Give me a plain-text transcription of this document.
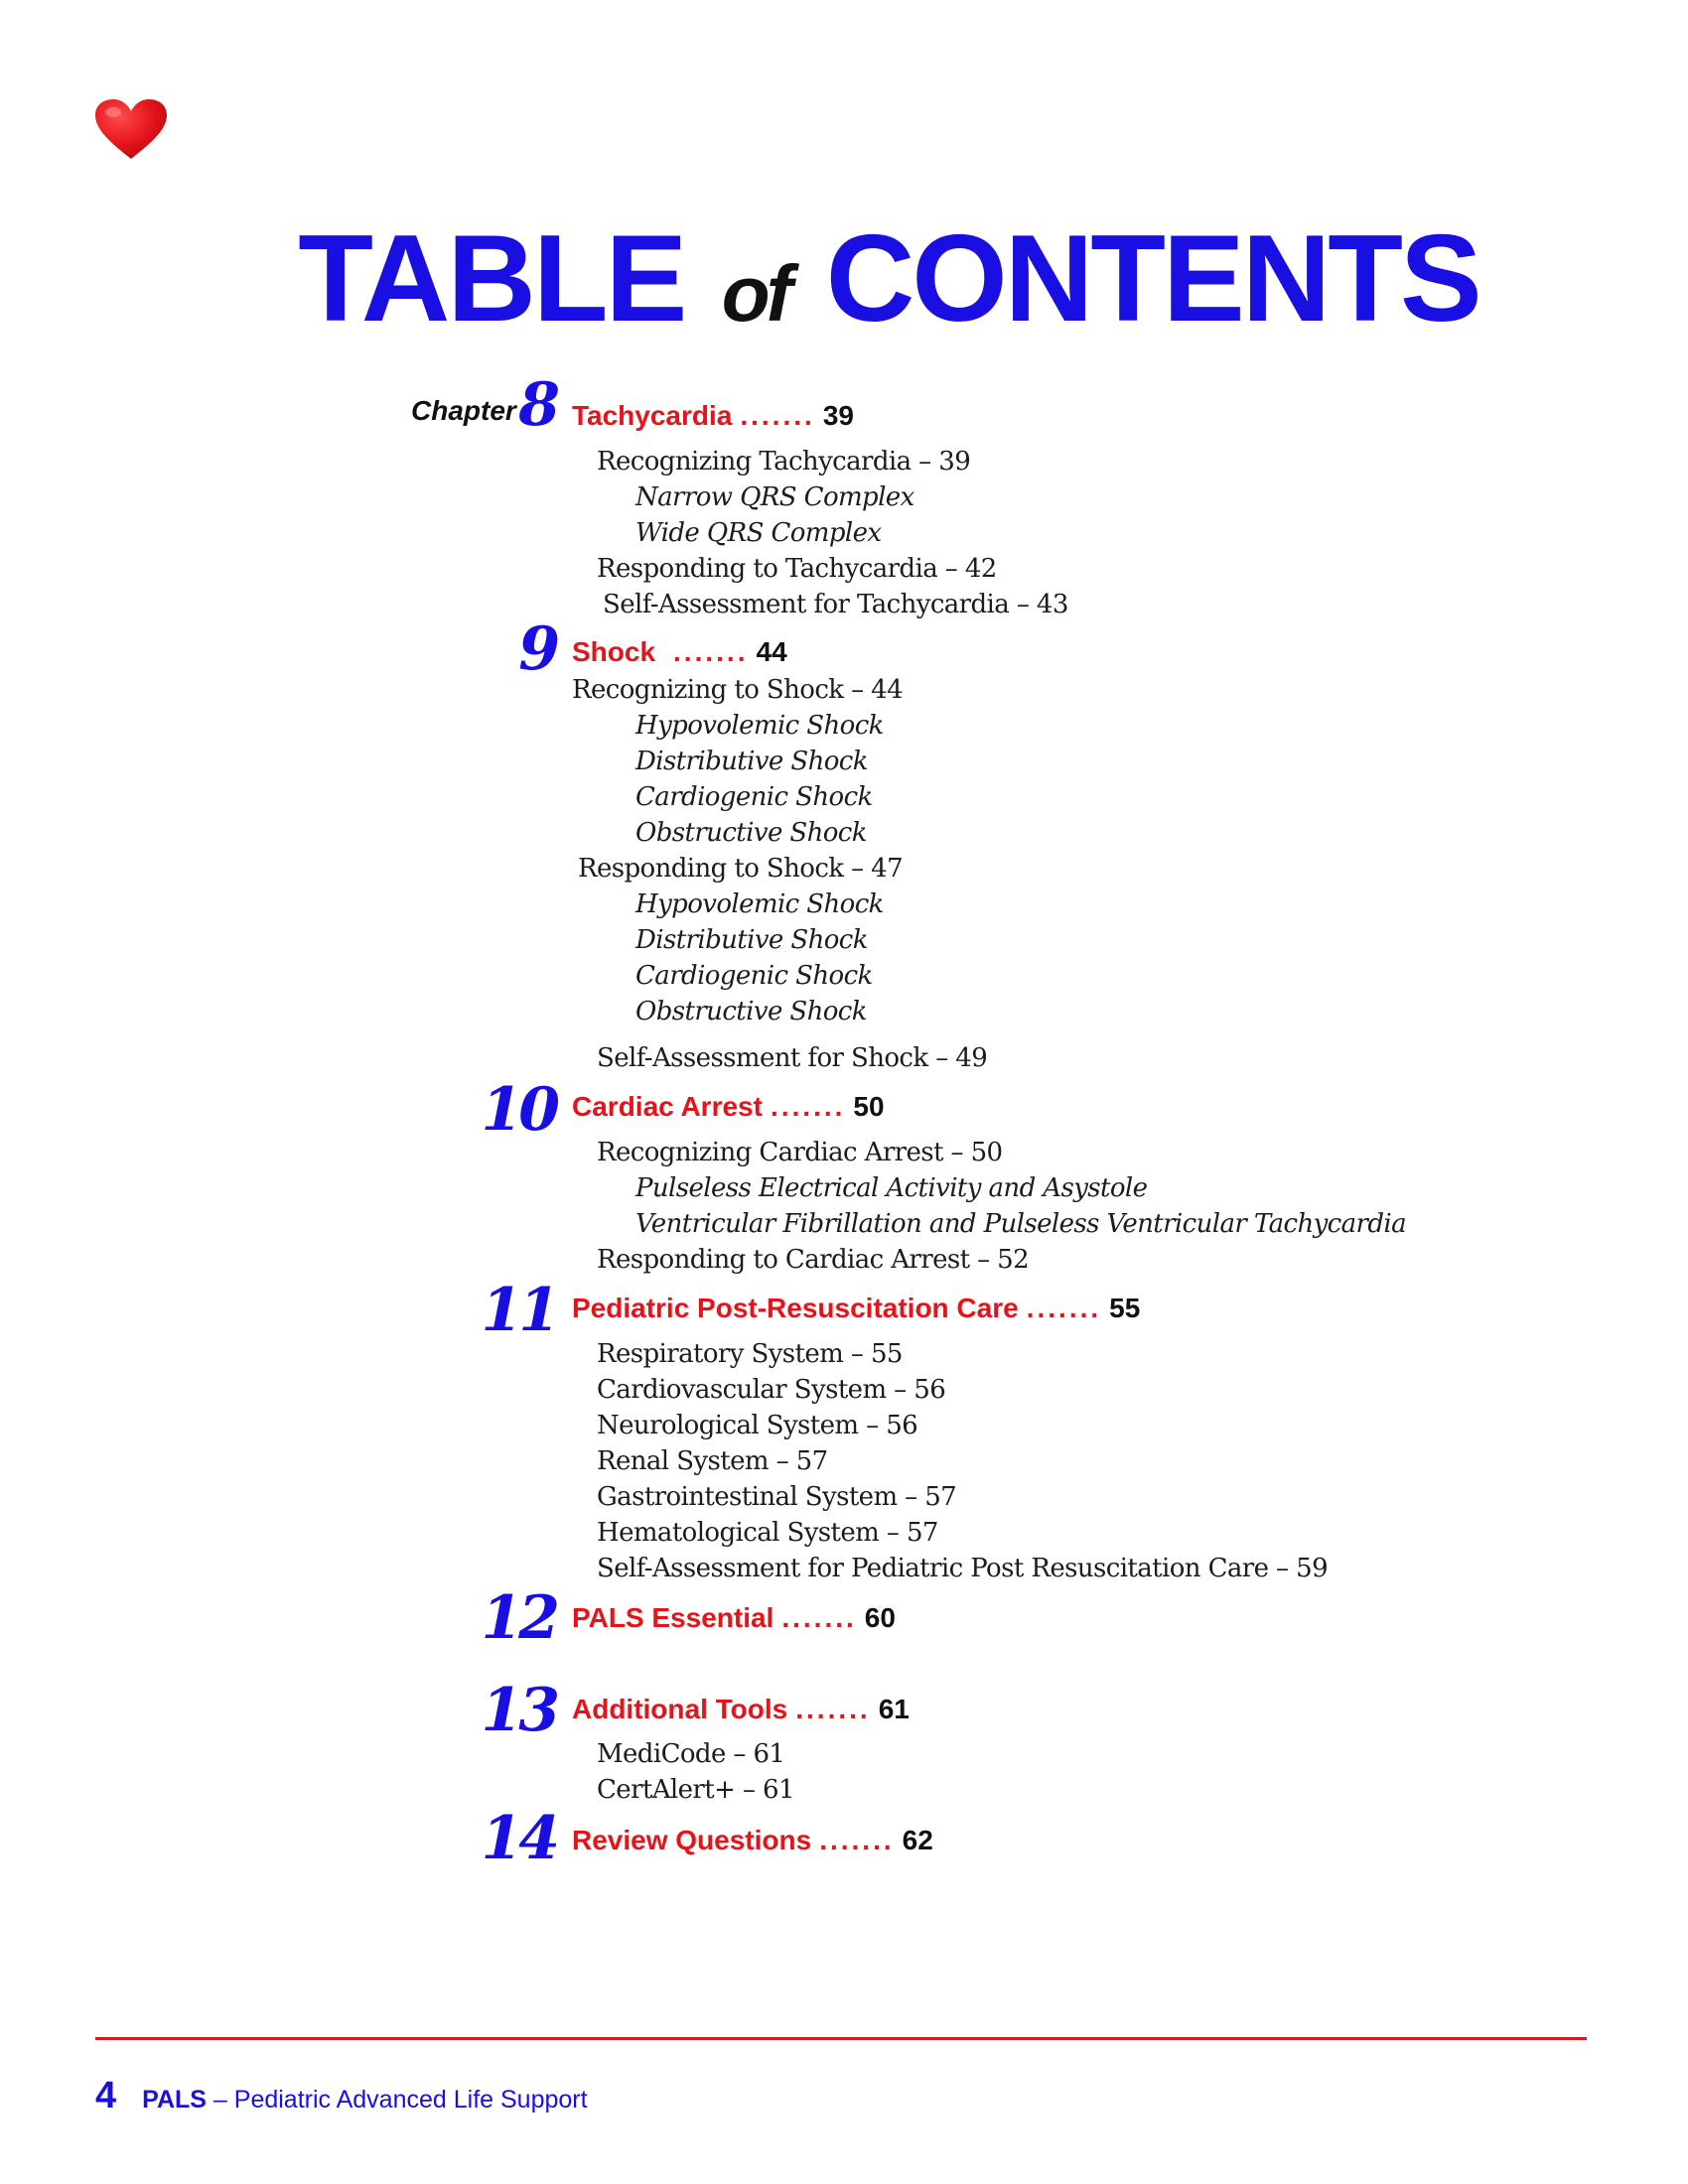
TABLE of CONTENTS
Chapter 8 Tachycardia ....... 39
Recognizing Tachycardia – 39
Narrow QRS Complex
Wide QRS Complex
Responding to Tachycardia – 42
Self-Assessment for Tachycardia – 43
9 Shock ....... 44
Recognizing to Shock – 44
Hypovolemic Shock
Distributive Shock
Cardiogenic Shock
Obstructive Shock
Responding to Shock – 47
Hypovolemic Shock
Distributive Shock
Cardiogenic Shock
Obstructive Shock
Self-Assessment for Shock – 49
10 Cardiac Arrest ....... 50
Recognizing Cardiac Arrest – 50
Pulseless Electrical Activity and Asystole
Ventricular Fibrillation and Pulseless Ventricular Tachycardia
Responding to Cardiac Arrest – 52
11 Pediatric Post-Resuscitation Care ....... 55
Respiratory System – 55
Cardiovascular System – 56
Neurological System – 56
Renal System – 57
Gastrointestinal System – 57
Hematological System – 57
Self-Assessment for Pediatric Post Resuscitation Care – 59
12 PALS Essential ....... 60
13 Additional Tools ....... 61
MediCode – 61
CertAlert+ – 61
14 Review Questions ....... 62
4 PALS – Pediatric Advanced Life Support
